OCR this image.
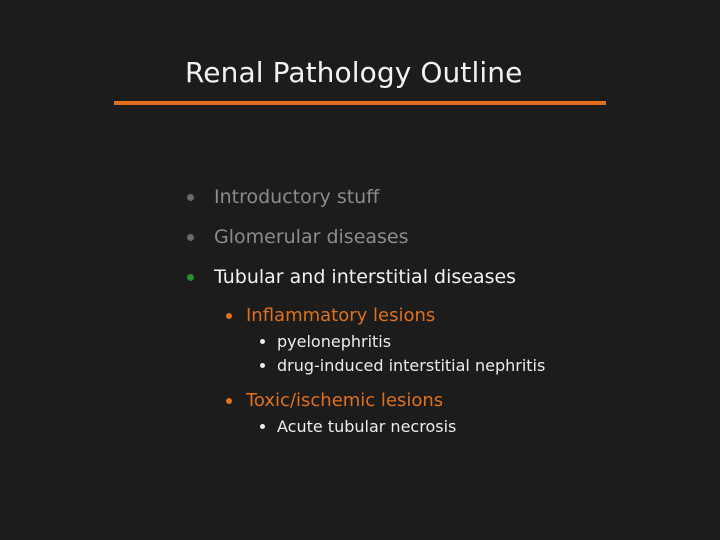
Renal Pathology Outline
Introductory stuff
Glomerular diseases
Tubular and interstitial diseases
Inflammatory lesions
pyelonephritis
drug-induced interstitial nephritis
Toxic/ischemic lesions
Acute tubular necrosis
